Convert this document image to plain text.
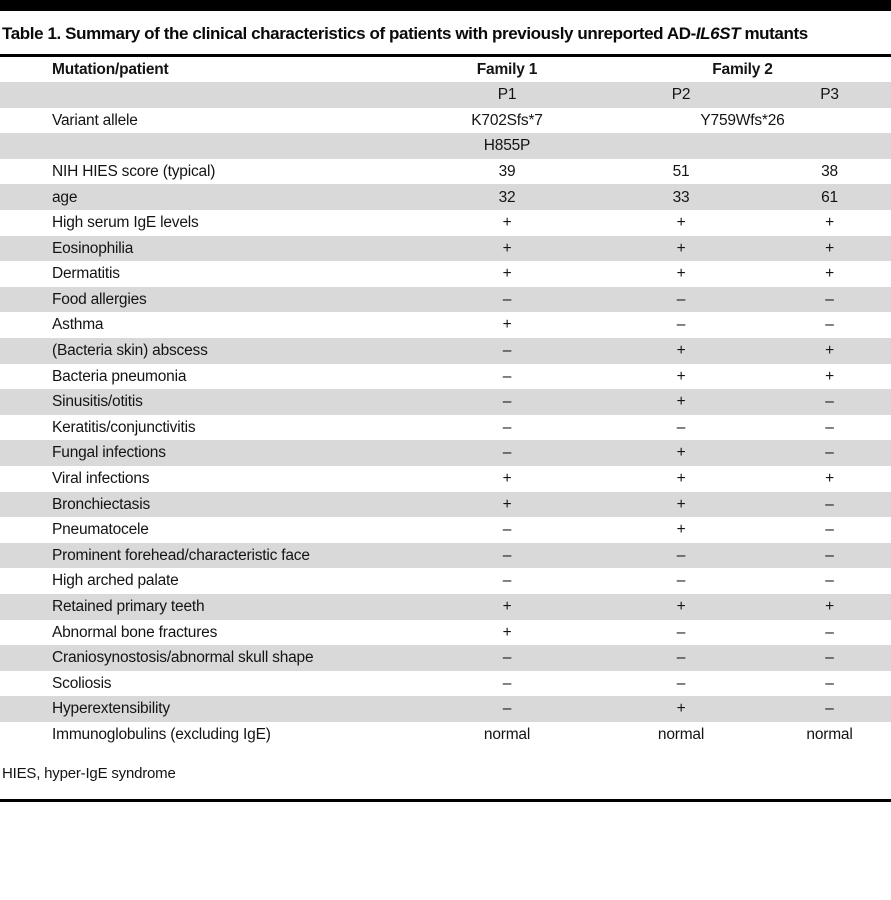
Table 1. Summary of the clinical characteristics of patients with previously unreported AD-IL6ST mutants
Mutation/patient	Family 1	Family 2	
	P1	P2	P3
Variant allele	K702Sfs*7	Y759Wfs*26	
	H855P		
NIH HIES score (typical)	39	51	38
age	32	33	61
High serum IgE levels	+	+	+
Eosinophilia	+	+	+
Dermatitis	+	+	+
Food allergies	–	–	–
Asthma	+	–	–
(Bacteria skin) abscess	–	+	+
Bacteria pneumonia	–	+	+
Sinusitis/otitis	–	+	–
Keratitis/conjunctivitis	–	–	–
Fungal infections	–	+	–
Viral infections	+	+	+
Bronchiectasis	+	+	–
Pneumatocele	–	+	–
Prominent forehead/characteristic face	–	–	–
High arched palate	–	–	–
Retained primary teeth	+	+	+
Abnormal bone fractures	+	–	–
Craniosynostosis/abnormal skull shape	–	–	–
Scoliosis	–	–	–
Hyperextensibility	–	+	–
Immunoglobulins (excluding IgE)	normal	normal	normal
HIES, hyper-IgE syndrome
